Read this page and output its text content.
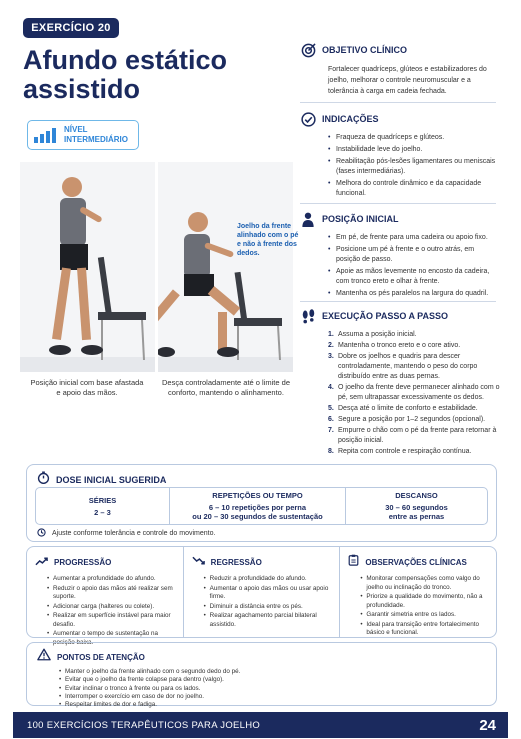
EXERCÍCIO 20
Afundo estático assistido
NÍVEL INTERMEDIÁRIO
Joelho da frente alinhado com o pé e não à frente dos dedos.
Posição inicial com base afastada e apoio das mãos.
Desça controladamente até o limite de conforto, mantendo o alinhamento.
OBJETIVO CLÍNICO

Fortalecer quadríceps, glúteos e estabilizadores do joelho, melhorar o controle neuromuscular e a tolerância à carga em cadeia fechada.

INDICAÇÕES
• Fraqueza de quadríceps e glúteos.
• Instabilidade leve do joelho.
• Reabilitação pós-lesões ligamentares ou meniscais (fases intermediárias).
• Melhora do controle dinâmico e da capacidade funcional.
POSIÇÃO INICIAL
• Em pé, de frente para uma cadeira ou apoio fixo.
• Posicione um pé à frente e o outro atrás, em posição de passo.
• Apoie as mãos levemente no encosto da cadeira, com tronco ereto e olhar à frente.
• Mantenha os pés paralelos na largura do quadril.
EXECUÇÃO PASSO A PASSO
1. Assuma a posição inicial.
2. Mantenha o tronco ereto e o core ativo.
3. Dobre os joelhos e quadris para descer controladamente, mantendo o peso do corpo distribuído entre as duas pernas.
4. O joelho da frente deve permanecer alinhado com o pé, sem ultrapassar excessivamente os dedos.
5. Desça até o limite de conforto e estabilidade.
6. Segure a posição por 1–2 segundos (opcional).
7. Empurre o chão com o pé da frente para retornar à posição inicial.
8. Repita com controle e respiração contínua.
DOSE INICIAL SUGERIDA
SÉRIES
2 – 3
REPETIÇÕES OU TEMPO
6 – 10 repetições por perna
ou 20 – 30 segundos de sustentação
DESCANSO
30 – 60 segundos
entre as pernas
Ajuste conforme tolerância e controle do movimento.
PROGRESSÃO
• Aumentar a profundidade do afundo.
• Reduzir o apoio das mãos até realizar sem suporte.
• Adicionar carga (halteres ou colete).
• Realizar em superfície instável para maior desafio.
• Aumentar o tempo de sustentação na posição baixa.
REGRESSÃO
• Reduzir a profundidade do afundo.
• Aumentar o apoio das mãos ou usar apoio firme.
• Diminuir a distância entre os pés.
• Realizar agachamento parcial bilateral assistido.
OBSERVAÇÕES CLÍNICAS
• Monitorar compensações como valgo do joelho ou inclinação do tronco.
• Priorize a qualidade do movimento, não a profundidade.
• Garantir simetria entre os lados.
• Ideal para transição entre fortalecimento básico e funcional.
PONTOS DE ATENÇÃO
• Manter o joelho da frente alinhado com o segundo dedo do pé.
• Evitar que o joelho da frente colapse para dentro (valgo).
• Evitar inclinar o tronco à frente ou para os lados.
• Interromper o exercício em caso de dor no joelho.
• Respeitar limites de dor e fadiga.
100 EXERCÍCIOS TERAPÊUTICOS PARA JOELHO	24
